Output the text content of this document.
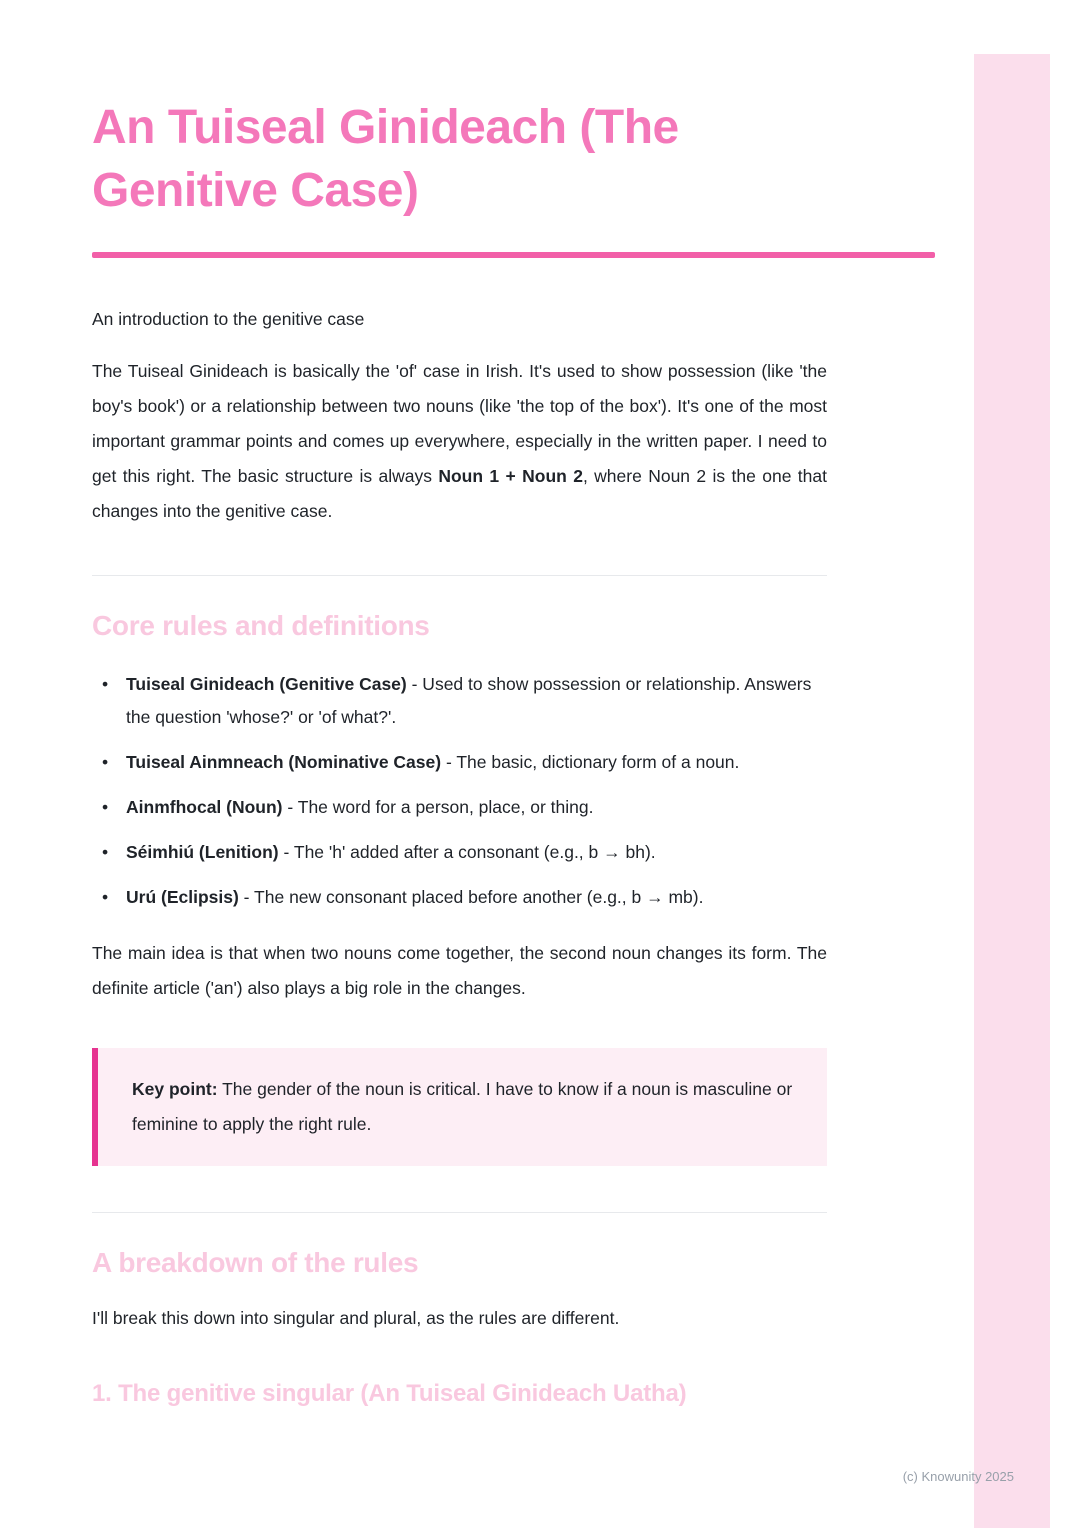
An Tuiseal Ginideach (The Genitive Case)

An introduction to the genitive case

The Tuiseal Ginideach is basically the 'of' case in Irish. It's used to show possession (like 'the boy's book') or a relationship between two nouns (like 'the top of the box'). It's one of the most important grammar points and comes up everywhere, especially in the written paper. I need to get this right. The basic structure is always Noun 1 + Noun 2, where Noun 2 is the one that changes into the genitive case.

Core rules and definitions
• Tuiseal Ginideach (Genitive Case) - Used to show possession or relationship. Answers the question 'whose?' or 'of what?'.
• Tuiseal Ainmneach (Nominative Case) - The basic, dictionary form of a noun.
• Ainmfhocal (Noun) - The word for a person, place, or thing.
• Séimhiú (Lenition) - The 'h' added after a consonant (e.g., b → bh).
• Urú (Eclipsis) - The new consonant placed before another (e.g., b → mb).

The main idea is that when two nouns come together, the second noun changes its form. The definite article ('an') also plays a big role in the changes.

Key point: The gender of the noun is critical. I have to know if a noun is masculine or feminine to apply the right rule.

A breakdown of the rules

I'll break this down into singular and plural, as the rules are different.

1. The genitive singular (An Tuiseal Ginideach Uatha)
(c) Knowunity 2025
